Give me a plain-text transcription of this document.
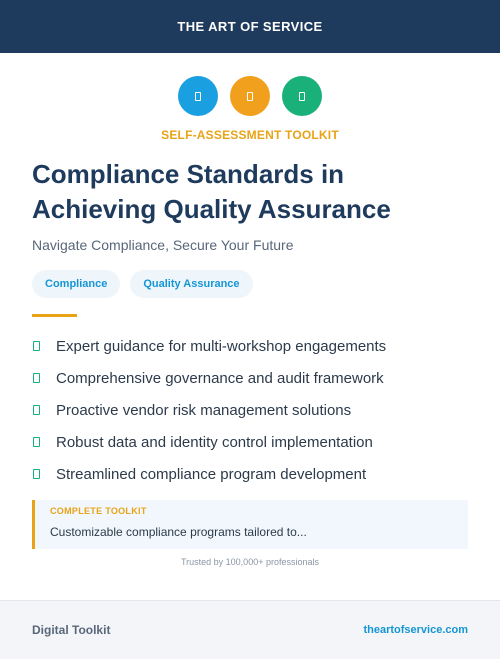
THE ART OF SERVICE
SELF-ASSESSMENT TOOLKIT
Compliance Standards in Achieving Quality Assurance

Navigate Compliance, Secure Your Future

Compliance	Quality Assurance
Expert guidance for multi-workshop engagements
Comprehensive governance and audit framework
Proactive vendor risk management solutions
Robust data and identity control implementation
Streamlined compliance program development
COMPLETE TOOLKIT
Customizable compliance programs tailored to...
Trusted by 100,000+ professionals
Digital Toolkit	theartofservice.com
